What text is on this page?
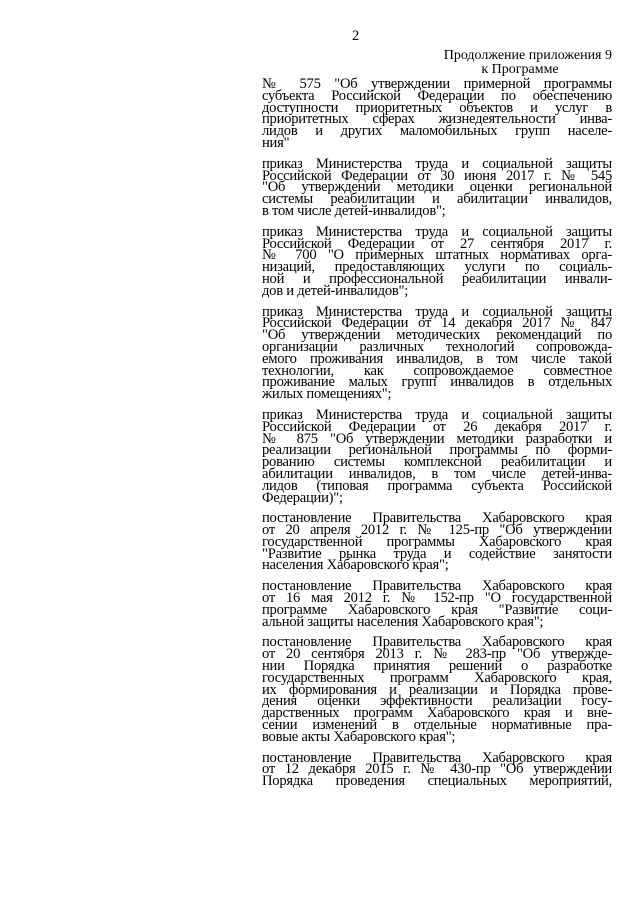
2
Продолжение приложения 9
к Программе
№ 575 "Об утверждении примерной программы
субъекта Российской Федерации по обеспечению
доступности приоритетных объектов и услуг в
приоритетных сферах жизнедеятельности инва-
лидов и других маломобильных групп населе-
ния"
приказ Министерства труда и социальной защиты
Российской Федерации от 30 июня 2017 г. № 545
"Об утверждении методики оценки региональной
системы реабилитации и абилитации инвалидов,
в том числе детей-инвалидов";
приказ Министерства труда и социальной защиты
Российской Федерации от 27 сентября 2017 г.
№ 700 "О примерных штатных нормативах орга-
низаций, предоставляющих услуги по социаль-
ной и профессиональной реабилитации инвали-
дов и детей-инвалидов";
приказ Министерства труда и социальной защиты
Российской Федерации от 14 декабря 2017 № 847
"Об утверждении методических рекомендаций по
организации различных технологий сопровожда-
емого проживания инвалидов, в том числе такой
технологии, как сопровождаемое совместное
проживание малых групп инвалидов в отдельных
жилых помещениях";
приказ Министерства труда и социальной защиты
Российской Федерации от 26 декабря 2017 г.
№ 875 "Об утверждении методики разработки и
реализации региональной программы по форми-
рованию системы комплексной реабилитации и
абилитации инвалидов, в том числе детей-инва-
лидов (типовая программа субъекта Российской
Федерации)";
постановление Правительства Хабаровского края
от 20 апреля 2012 г. № 125-пр "Об утверждении
государственной программы Хабаровского края
"Развитие рынка труда и содействие занятости
населения Хабаровского края";
постановление Правительства Хабаровского края
от 16 мая 2012 г. № 152-пр "О государственной
программе Хабаровского края "Развитие соци-
альной защиты населения Хабаровского края";
постановление Правительства Хабаровского края
от 20 сентября 2013 г. № 283-пр "Об утвержде-
нии Порядка принятия решений о разработке
государственных программ Хабаровского края,
их формирования и реализации и Порядка прове-
дения оценки эффективности реализации госу-
дарственных программ Хабаровского края и вне-
сении изменений в отдельные нормативные пра-
вовые акты Хабаровского края";
постановление Правительства Хабаровского края
от 12 декабря 2015 г. № 430-пр "Об утверждении
Порядка проведения специальных мероприятий,
